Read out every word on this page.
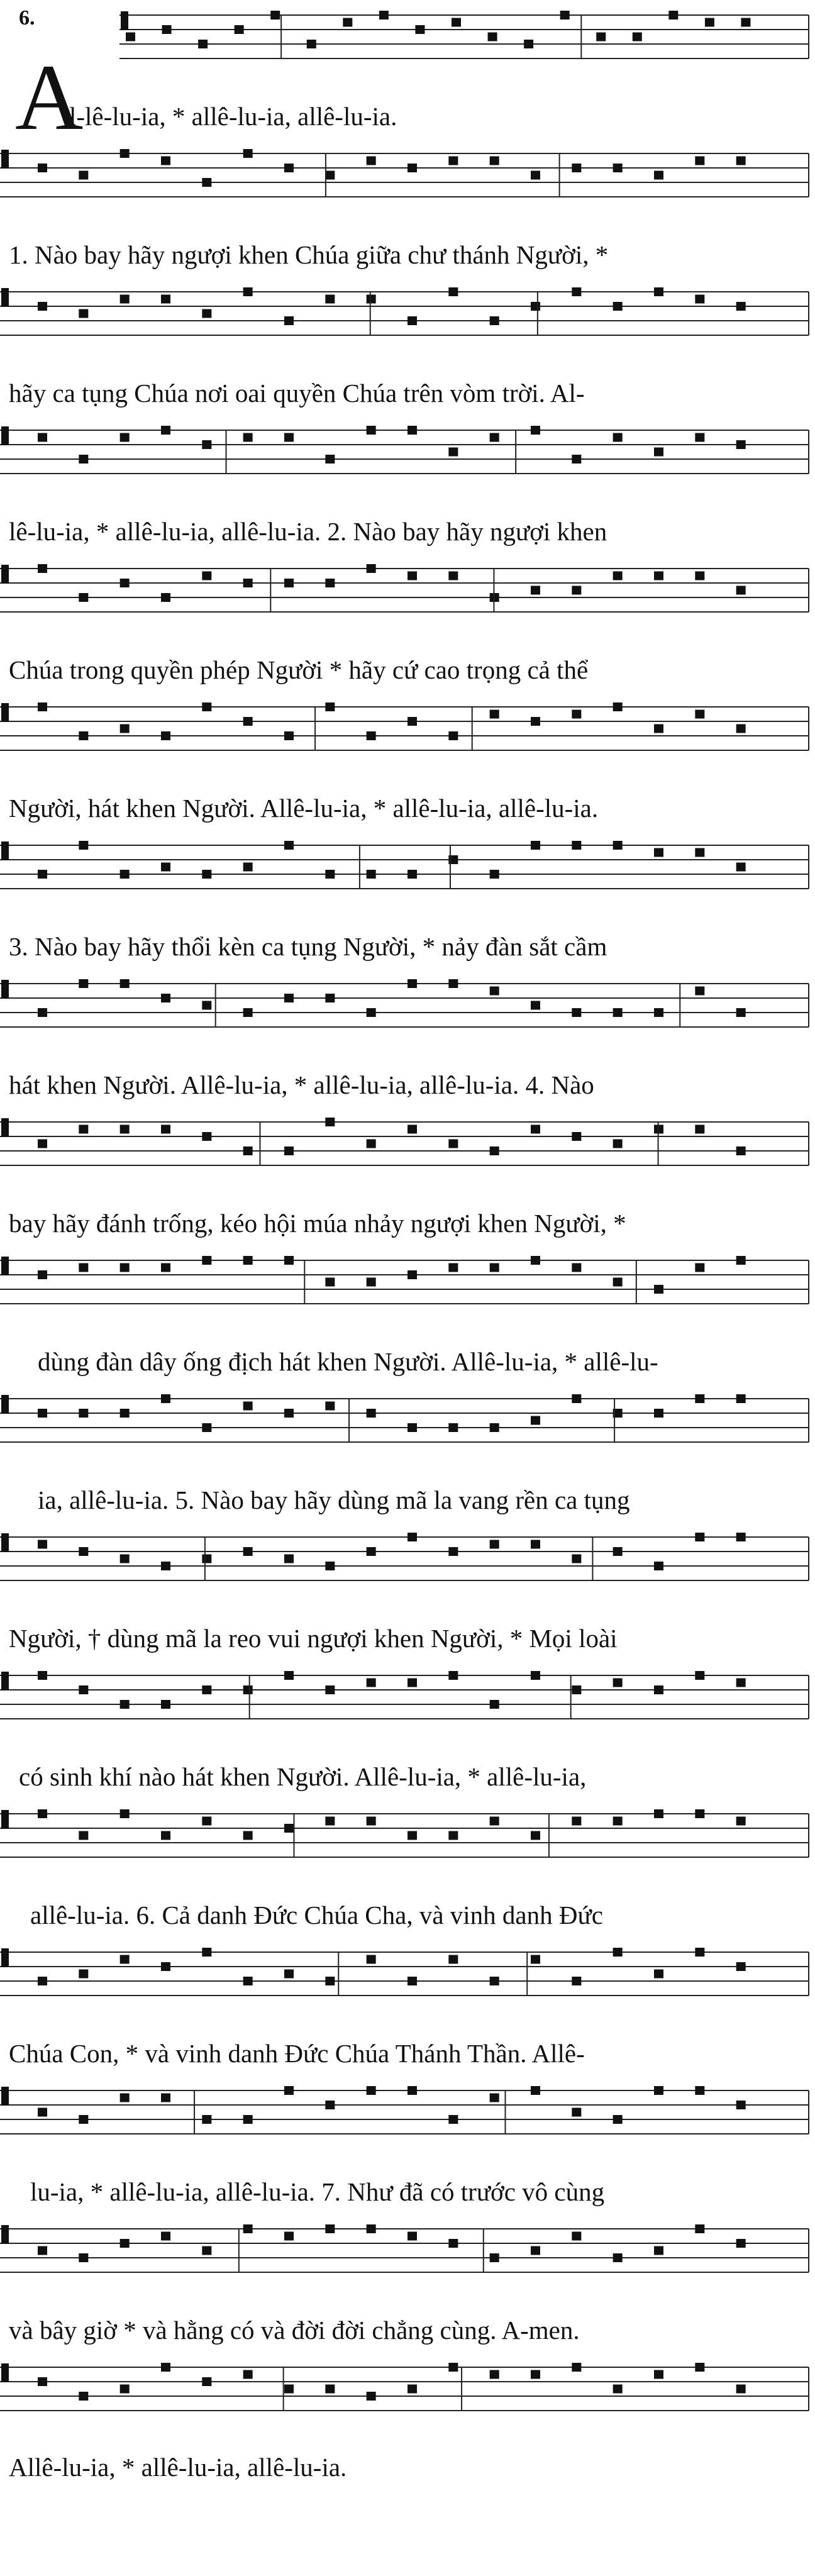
6.
A
l-lê-lu-ia, * allê-lu-ia, allê-lu-ia.
1. Nào bay hãy ngượi khen Chúa giữa chư thánh Người, *
hãy ca tụng Chúa nơi oai quyền Chúa trên vòm trời. Al-
lê-lu-ia, * allê-lu-ia, allê-lu-ia. 2. Nào bay hãy ngượi khen
Chúa trong quyền phép Người * hãy cứ cao trọng cả thể
Người, hát khen Người. Allê-lu-ia, * allê-lu-ia, allê-lu-ia.
3. Nào bay hãy thổi kèn ca tụng Người, * nảy đàn sắt cầm
hát khen Người. Allê-lu-ia, * allê-lu-ia, allê-lu-ia. 4. Nào
bay hãy đánh trống, kéo hội múa nhảy ngượi khen Người, *
dùng đàn dây ống địch hát khen Người. Allê-lu-ia, * allê-lu-
ia, allê-lu-ia. 5. Nào bay hãy dùng mã la vang rền ca tụng
Người, † dùng mã la reo vui ngượi khen Người, * Mọi loài
có sinh khí nào hát khen Người. Allê-lu-ia, * allê-lu-ia,
allê-lu-ia. 6. Cả danh Đức Chúa Cha, và vinh danh Đức
Chúa Con, * và vinh danh Đức Chúa Thánh Thần. Allê-
lu-ia, * allê-lu-ia, allê-lu-ia. 7. Như đã có trước vô cùng
và bây giờ * và hằng có và đời đời chẳng cùng. A-men.
Allê-lu-ia, * allê-lu-ia, allê-lu-ia.
